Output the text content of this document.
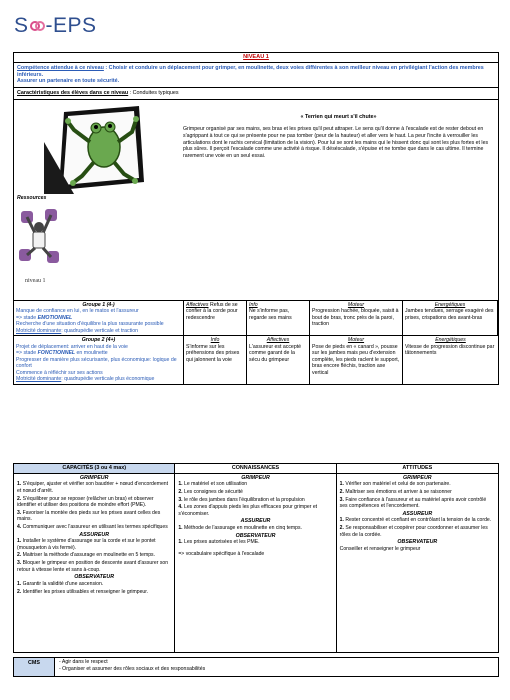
S -EPS
NIVEAU 1
Compétence attendue à ce niveau : Choisir et conduire un déplacement pour grimper, en moulinette, deux voies différentes à son meilleur niveau en privilégiant l'action des membres inférieurs.
Assurer un partenaire en toute sécurité.
Caractéristiques des élèves dans ce niveau : Conduites typiques
Ressources
niveau 1
« Terrien qui meurt s'il chute»
Grimpeur organisé par ses mains, ses bras et les prises qu'il peut attraper. Le sens qu'il donne à l'escalade est de rester debout en s'agrippant à tout ce qui se présente pour ne pas tomber (peur de la hauteur) et aller vers le haut. La peur l'incite à verrouiller les articulations dont le rachis cervical (limitation de la vision). Pour lui se sont les mains qui le hissent donc qui sont les plus fortes et les plus sûres. Il perçoit l'escalade comme une activité à risque. Il déséscalade, s'épuise et ne tombe que dans le cas ultime. Il termine rarement une voie en un seul essai.
Groupe 1 (4-)
Manque de confiance en lui, en le matos et l'assureur
=> stade EMOTIONNEL
Recherche d'une situation d'équilibre la plus rassurante possible
Motricité dominante: quadrupédie verticale et traction
Affectives Refus de se confier à la corde pour redescendre
Info
Ne s'informe pas, regarde ses mains
Moteur
Progression hachée, bloquée, saisit à bout de bras, tronc près de la paroi, traction
Energétiques
Jambes tendues, serrage exagéré des prises, crispations des avant-bras
Groupe 2 (4+)
Projet de déplacement: arriver en haut de la voie
=> stade FONCTIONNEL en moulinette
Progresser de manière plus sécurisante, plus économique: logique de confort
Commence à réfléchir sur ses actions
Motricité dominante: quadrupédie verticale plus économique
Info
S'informe sur les préhensions des prises qui jalonnent la voie
Affectives
L'assureur est accepté comme garant de la sécu du grimpeur
Moteur
Pose de pieds en « canard », pousse sur les jambes mais peu d'extension complète, les pieds raclent le support, bras encore fléchis, traction axe vertical
Energétiques
Vitesse de progression discontinue par tâtonnements
CAPACITÉS (3 ou 4 max)
GRIMPEUR
1. S'équiper, ajuster et vérifier son baudrier + nœud d'encordement et nœud d'arrêt.
2. S'équilibrer pour se reposer (relâcher un bras) et observer identifier et utiliser des positions de moindre effort (PME).
3. Favoriser la montée des pieds sur les prises avant celles des mains.
4. Communiquer avec l'assureur en utilisant les termes spécifiques
ASSUREUR
1. Installer le système d'assurage sur la corde et sur le pontet (mousqueton à vis fermé).
2. Maitriser la méthode d'assurage en moulinette en 5 temps.
3. Bloquer le grimpeur en position de descente avant d'assurer son retour à vitesse lente et sans à-coup.
OBSERVATEUR
1. Garantir la validité d'une ascension.
2. Identifier les prises utilisables et renseigner le grimpeur.
CONNAISSANCES
GRIMPEUR
1. Le matériel et son utilisation
2. Les consignes de sécurité
3. le rôle des jambes dans l'équilibration et la propulsion
4. Les zones d'appuis pieds les plus efficaces pour grimper et s'économiser.
ASSUREUR
1. Méthode de l'assurage en moulinette en cinq temps.
OBSERVATEUR
1. Les prises autorisées et les PME.
=> vocabulaire spécifique à l'escalade
ATTITUDES
GRIMPEUR
1. Vérifier son matériel et celui de son partenaire.
2. Maîtriser ses émotions et arriver à se raisonner
3. Faire confiance à l'assureur et au matériel après avoir contrôlé ses compétences et l'encordement.
ASSUREUR
1. Rester concentré et confiant en contrôlant la tension de la corde.
2. Se responsabiliser et coopérer pour coordonner et assumer les rôles de la cordée.
OBSERVATEUR
Conseiller et renseigner le grimpeur
CMS	- Agir dans le respect
- Organiser et assumer des rôles sociaux et des responsabilités
